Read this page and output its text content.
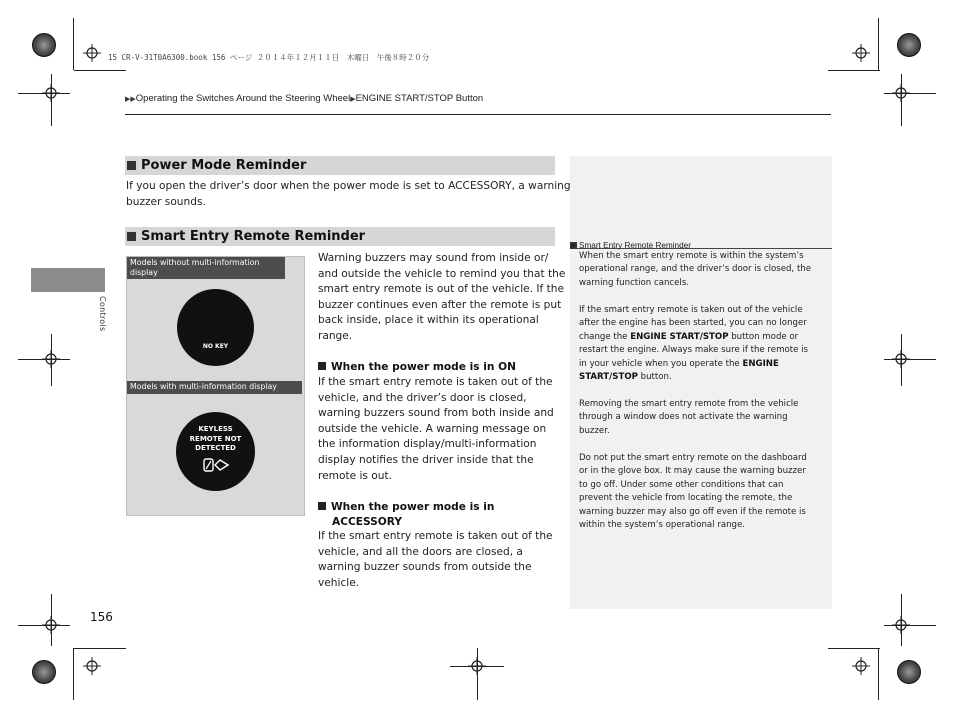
15 CR-V-31T0A6300.book 156 ページ ２０１４年１２月１１日　木曜日　午後８時２０分
▶▶Operating the Switches Around the Steering Wheel▶ENGINE START/STOP Button
Controls
▸ Smart Entry Remote Reminder
When the smart entry remote is within the system’s
operational range, and the driver’s door is closed, the
warning function cancels.
If the smart entry remote is taken out of the vehicle
after the engine has been started, you can no longer
change the ENGINE START/STOP button mode or
restart the engine. Always make sure if the remote is
in your vehicle when you operate the ENGINE
START/STOP button.
Removing the smart entry remote from the vehicle
through a window does not activate the warning
buzzer.
Do not put the smart entry remote on the dashboard
or in the glove box. It may cause the warning buzzer
to go off. Under some other conditions that can
prevent the vehicle from locating the remote, the
warning buzzer may also go off even if the remote is
within the system’s operational range.
Power Mode Reminder
If you open the driver’s door when the power mode is set to ACCESSORY, a warning
buzzer sounds.
Smart Entry Remote Reminder
Models without multi-information
display
NO KEY
Models with multi-information display
KEYLESS
REMOTE NOT
DETECTED
Warning buzzers may sound from inside or/
and outside the vehicle to remind you that the
smart entry remote is out of the vehicle. If the
buzzer continues even after the remote is put
back inside, place it within its operational
range.
When the power mode is in ON
If the smart entry remote is taken out of the
vehicle, and the driver’s door is closed,
warning buzzers sound from both inside and
outside the vehicle. A warning message on
the information display/multi-information
display notifies the driver inside that the
remote is out.
When the power mode is in
ACCESSORY
If the smart entry remote is taken out of the
vehicle, and all the doors are closed, a
warning buzzer sounds from outside the
vehicle.
156
